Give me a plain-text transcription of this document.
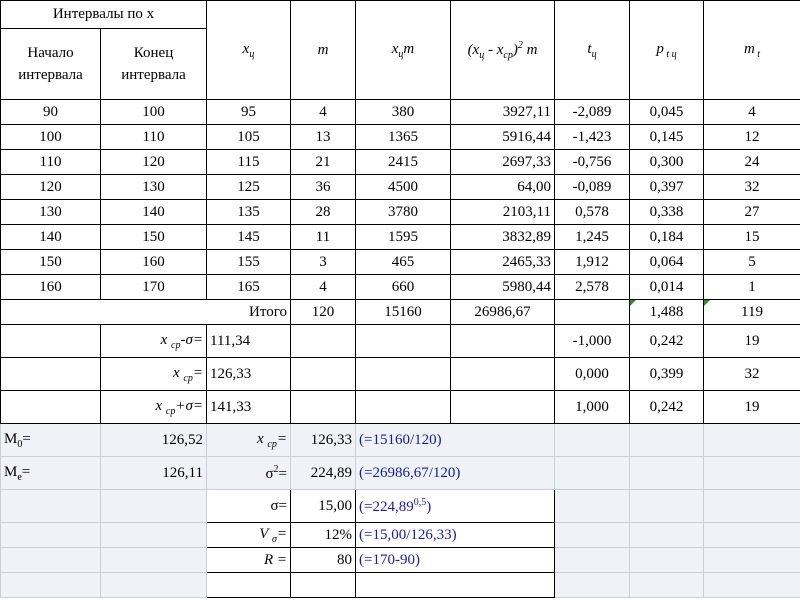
Интервалы по x		$x_ц$	m	$x_цm$	$(x_ц - x_{ср})^2$ m	$t_ц$	p $_{t ц}$	m $_t$
Начало интервала	Конец интервала							
90	100	95	4	380	3927,11	-2,089	0,045	4
100	110	105	13	1365	5916,44	-1,423	0,145	12
110	120	115	21	2415	2697,33	-0,756	0,300	24
120	130	125	36	4500	64,00	-0,089	0,397	32
130	140	135	28	3780	2103,11	0,578	0,338	27
140	150	145	11	1595	3832,89	1,245	0,184	15
150	160	155	3	465	2465,33	1,912	0,064	5
160	170	165	4	660	5980,44	2,578	0,014	1
Итого			120	15160	26986,67		1,488	119
	x $_{ср}$-σ=	111,34				-1,000	0,242	19
	x $_{ср}$=	126,33				0,000	0,399	32
	x $_{ср}$+σ=	141,33				1,000	0,242	19
$M_0=$	126,52	x $_{ср}$=	126,33	(=15160/120)				
$M_e=$	126,11	$\sigma^2=$	224,89	(=26986,67/120)				
		σ=	15,00	$(=224,89^{0,5})$				
		V $_\sigma$=	12%	(=15,00/126,33)				
		R =	80	(=170-90)				
